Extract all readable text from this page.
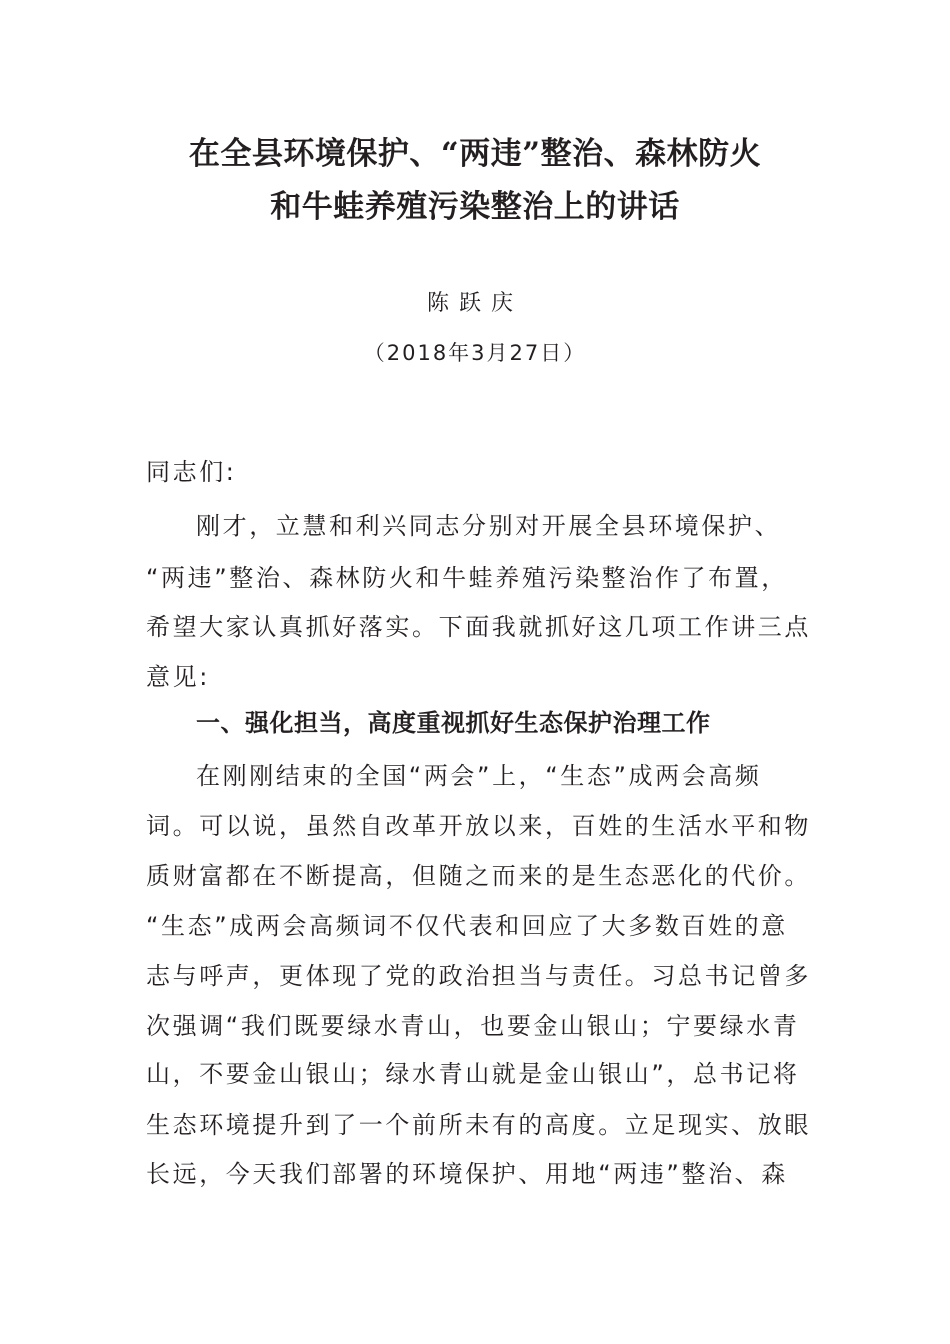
在全县环境保护、“两违”整治、森林防火
和牛蛙养殖污染整治上的讲话
陈跃庆
（2018年3月27日）
同志们:
刚才，立慧和利兴同志分别对开展全县环境保护、
“两违”整治、森林防火和牛蛙养殖污染整治作了布置，
希望大家认真抓好落实。下面我就抓好这几项工作讲三点
意见:
一、强化担当，高度重视抓好生态保护治理工作
在刚刚结束的全国“两会”上，“生态”成两会高频
词。可以说，虽然自改革开放以来，百姓的生活水平和物
质财富都在不断提高，但随之而来的是生态恶化的代价。
“生态”成两会高频词不仅代表和回应了大多数百姓的意
志与呼声，更体现了党的政治担当与责任。习总书记曾多
次强调“我们既要绿水青山，也要金山银山；宁要绿水青
山，不要金山银山；绿水青山就是金山银山”，总书记将
生态环境提升到了一个前所未有的高度。立足现实、放眼
长远，今天我们部署的环境保护、用地“两违”整治、森
